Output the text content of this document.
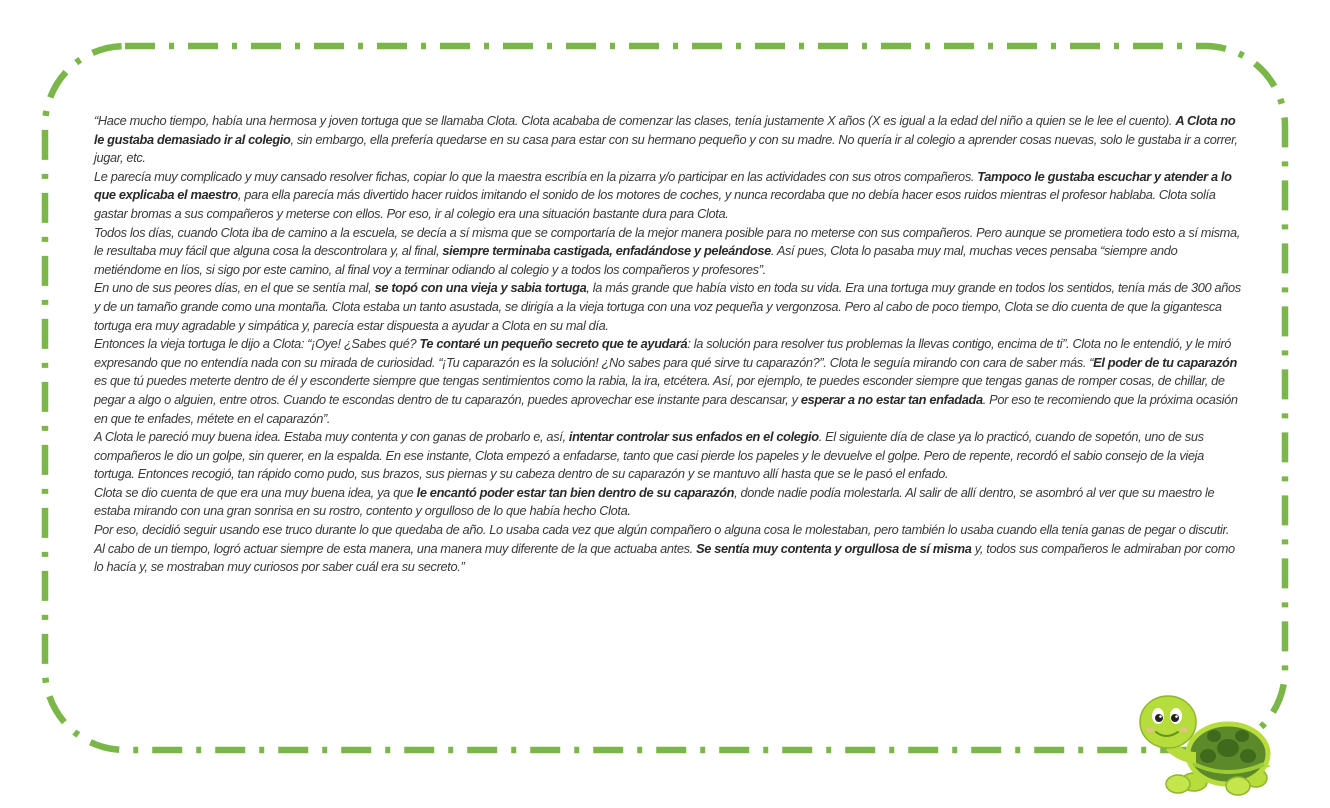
“Hace mucho tiempo, había una hermosa y joven tortuga que se llamaba Clota. Clota acababa de comenzar las clases, tenía justamente X años (X es igual a la edad del niño a quien se le lee el cuento). A Clota no le gustaba demasiado ir al colegio, sin embargo, ella prefería quedarse en su casa para estar con su hermano pequeño y con su madre. No quería ir al colegio a aprender cosas nuevas, solo le gustaba ir a correr, jugar, etc.

Le parecía muy complicado y muy cansado resolver fichas, copiar lo que la maestra escribía en la pizarra y/o participar en las actividades con sus otros compañeros. Tampoco le gustaba escuchar y atender a lo que explicaba el maestro, para ella parecía más divertido hacer ruidos imitando el sonido de los motores de coches, y nunca recordaba que no debía hacer esos ruidos mientras el profesor hablaba. Clota solía gastar bromas a sus compañeros y meterse con ellos. Por eso, ir al colegio era una situación bastante dura para Clota.

Todos los días, cuando Clota iba de camino a la escuela, se decía a sí misma que se comportaría de la mejor manera posible para no meterse con sus compañeros. Pero aunque se prometiera todo esto a sí misma, le resultaba muy fácil que alguna cosa la descontrolara y, al final, siempre terminaba castigada, enfadándose y peleándose. Así pues, Clota lo pasaba muy mal, muchas veces pensaba “siempre ando metiéndome en líos, si sigo por este camino, al final voy a terminar odiando al colegio y a todos los compañeros y profesores”.

En uno de sus peores días, en el que se sentía mal, se topó con una vieja y sabia tortuga, la más grande que había visto en toda su vida. Era una tortuga muy grande en todos los sentidos, tenía más de 300 años y de un tamaño grande como una montaña. Clota estaba un tanto asustada, se dirigía a la vieja tortuga con una voz pequeña y vergonzosa. Pero al cabo de poco tiempo, Clota se dio cuenta de que la gigantesca tortuga era muy agradable y simpática y, parecía estar dispuesta a ayudar a Clota en su mal día.

Entonces la vieja tortuga le dijo a Clota: “¡Oye! ¿Sabes qué? Te contaré un pequeño secreto que te ayudará: la solución para resolver tus problemas la llevas contigo, encima de ti”. Clota no le entendió, y le miró expresando que no entendía nada con su mirada de curiosidad. “¡Tu caparazón es la solución! ¿No sabes para qué sirve tu caparazón?”. Clota le seguía mirando con cara de saber más. “El poder de tu caparazón es que tú puedes meterte dentro de él y esconderte siempre que tengas sentimientos como la rabia, la ira, etcétera. Así, por ejemplo, te puedes esconder siempre que tengas ganas de romper cosas, de chillar, de pegar a algo o alguien, entre otros. Cuando te escondas dentro de tu caparazón, puedes aprovechar ese instante para descansar, y esperar a no estar tan enfadada. Por eso te recomiendo que la próxima ocasión en que te enfades, métete en el caparazón”.

A Clota le pareció muy buena idea. Estaba muy contenta y con ganas de probarlo e, así, intentar controlar sus enfados en el colegio. El siguiente día de clase ya lo practicó, cuando de sopetón, uno de sus compañeros le dio un golpe, sin querer, en la espalda. En ese instante, Clota empezó a enfadarse, tanto que casi pierde los papeles y le devuelve el golpe. Pero de repente, recordó el sabio consejo de la vieja tortuga. Entonces recogió, tan rápido como pudo, sus brazos, sus piernas y su cabeza dentro de su caparazón y se mantuvo allí hasta que se le pasó el enfado.

Clota se dio cuenta de que era una muy buena idea, ya que le encantó poder estar tan bien dentro de su caparazón, donde nadie podía molestarla. Al salir de allí dentro, se asombró al ver que su maestro le estaba mirando con una gran sonrisa en su rostro, contento y orgulloso de lo que había hecho Clota.

Por eso, decidió seguir usando ese truco durante lo que quedaba de año. Lo usaba cada vez que algún compañero o alguna cosa le molestaban, pero también lo usaba cuando ella tenía ganas de pegar o discutir. Al cabo de un tiempo, logró actuar siempre de esta manera, una manera muy diferente de la que actuaba antes. Se sentía muy contenta y orgullosa de sí misma y, todos sus compañeros le admiraban por como lo hacía y, se mostraban muy curiosos por saber cuál era su secreto.”
